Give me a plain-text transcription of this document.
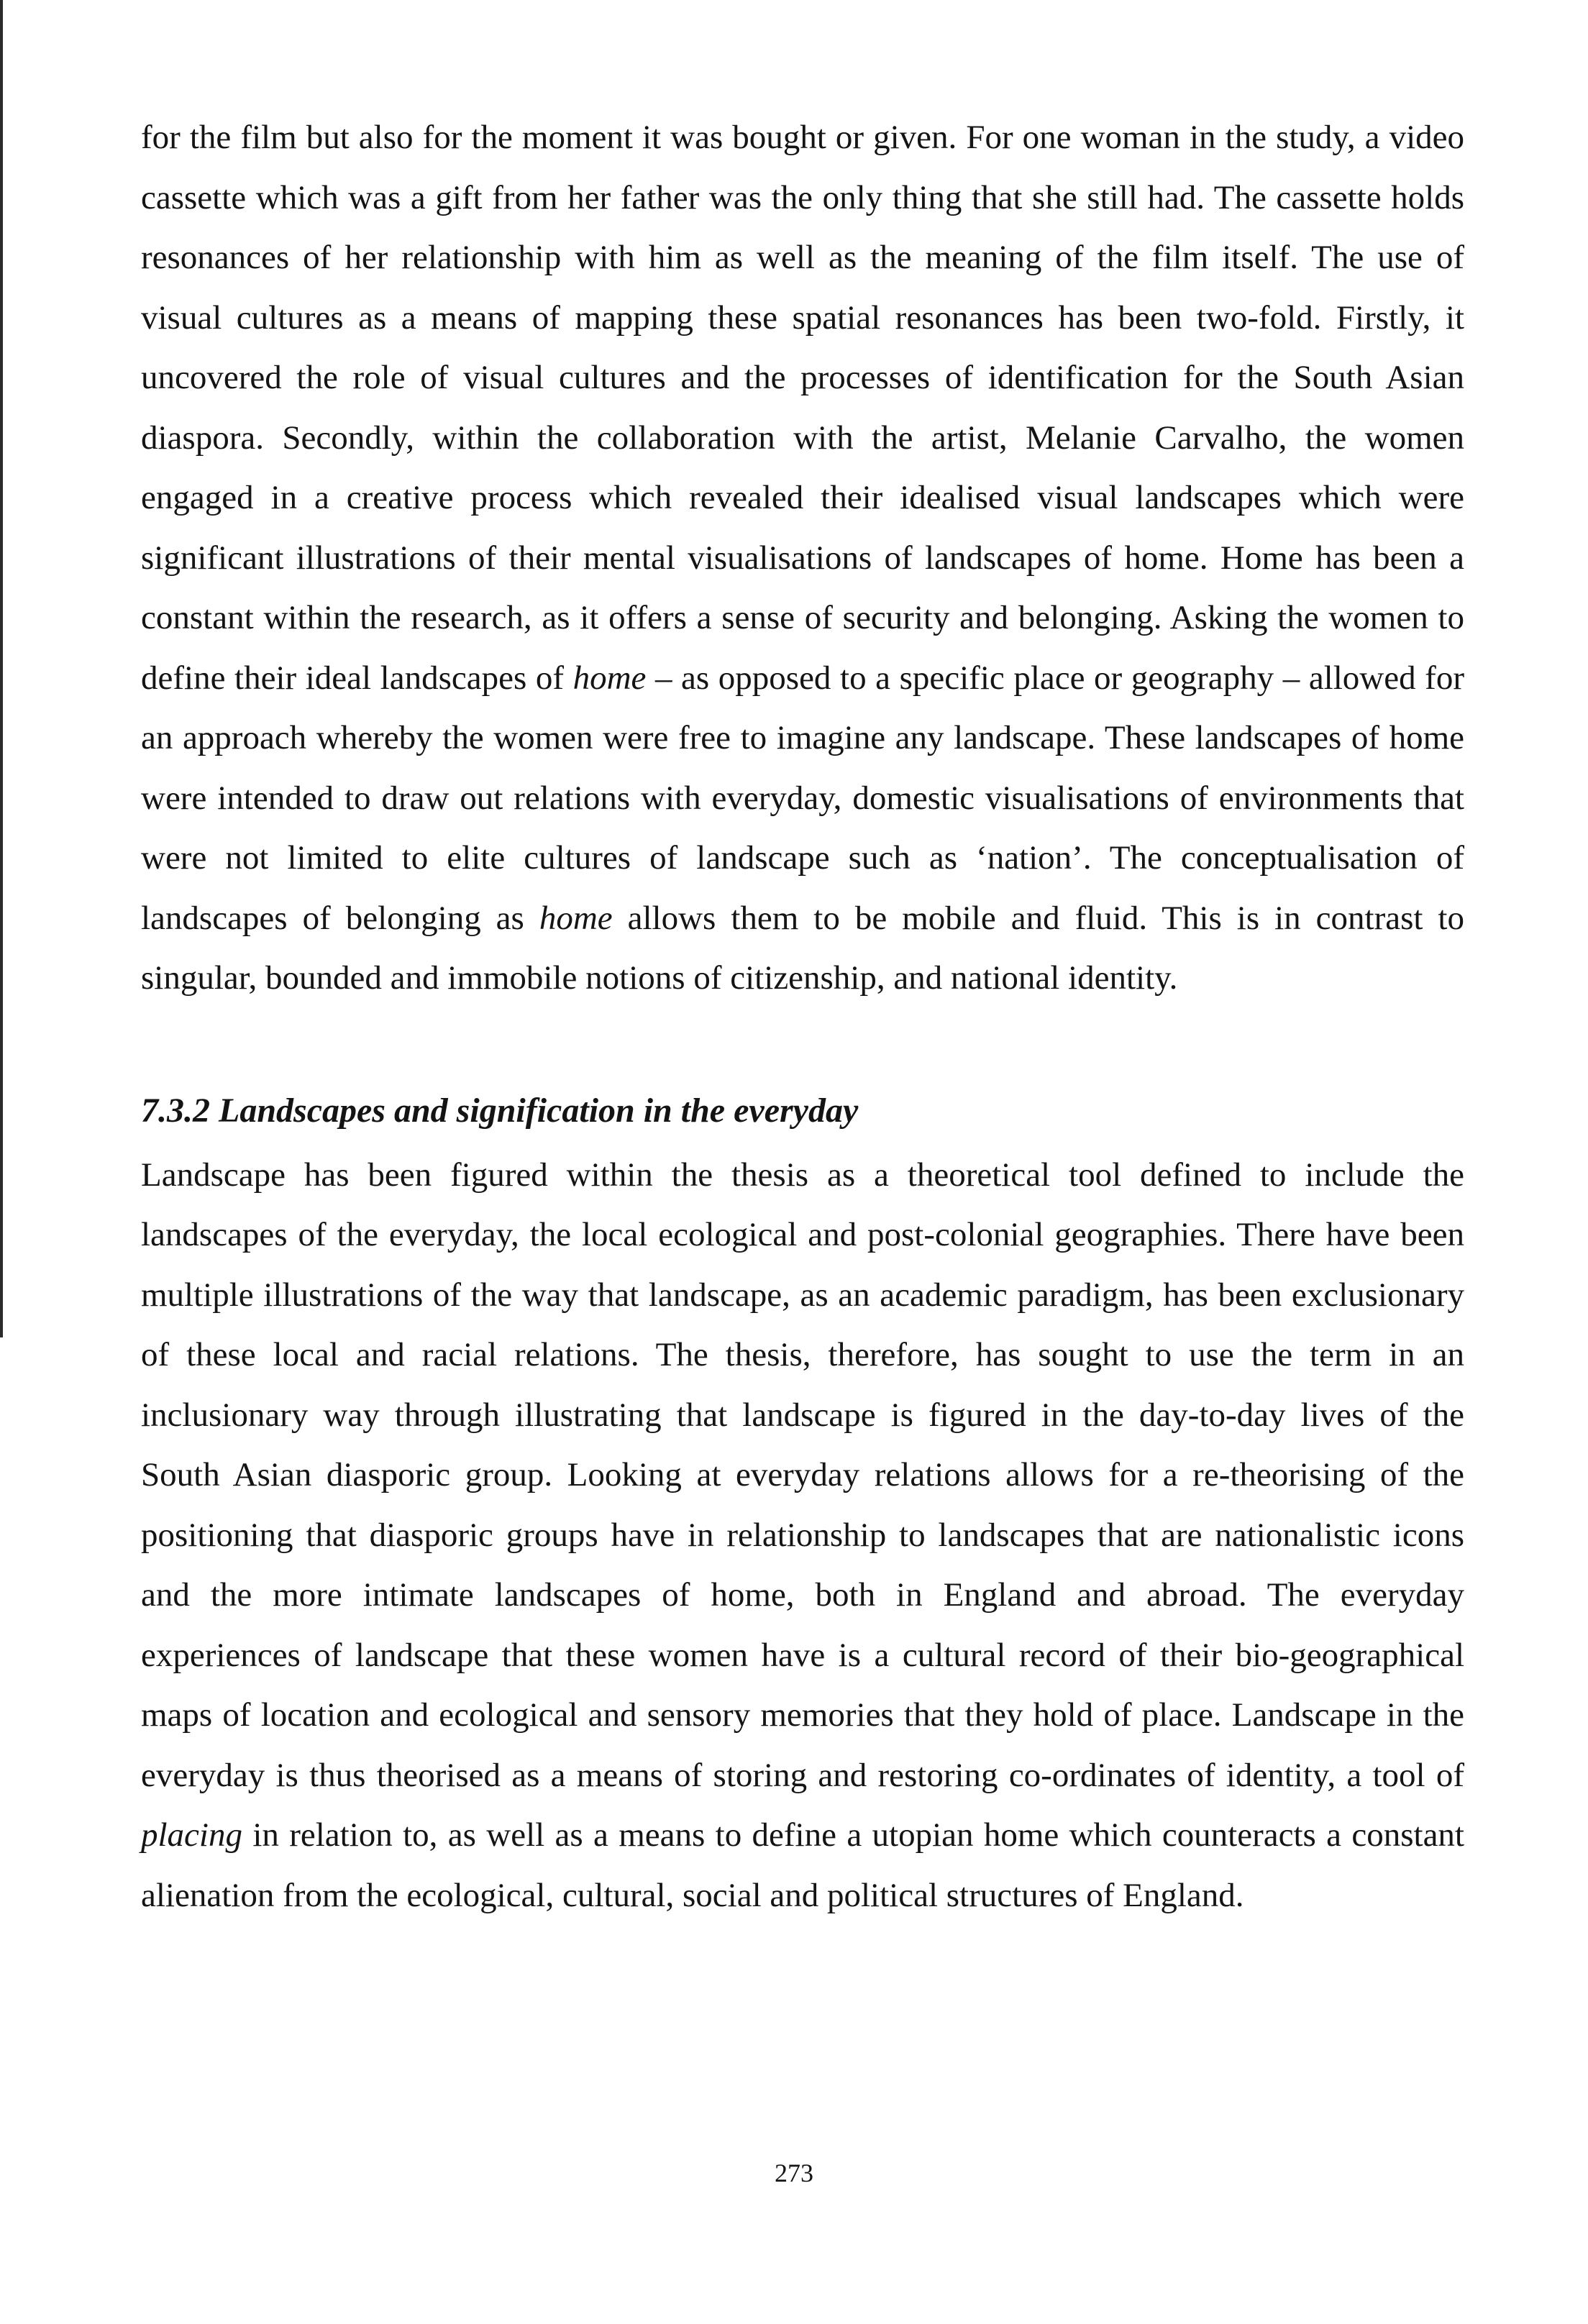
for the film but also for the moment it was bought or given. For one woman in the study, a video cassette which was a gift from her father was the only thing that she still had. The cassette holds resonances of her relationship with him as well as the meaning of the film itself. The use of visual cultures as a means of mapping these spatial resonances has been two-fold. Firstly, it uncovered the role of visual cultures and the processes of identification for the South Asian diaspora. Secondly, within the collaboration with the artist, Melanie Carvalho, the women engaged in a creative process which revealed their idealised visual landscapes which were significant illustrations of their mental visualisations of landscapes of home. Home has been a constant within the research, as it offers a sense of security and belonging. Asking the women to define their ideal landscapes of home – as opposed to a specific place or geography – allowed for an approach whereby the women were free to imagine any landscape. These landscapes of home were intended to draw out relations with everyday, domestic visualisations of environments that were not limited to elite cultures of landscape such as ‘nation’. The conceptualisation of landscapes of belonging as home allows them to be mobile and fluid. This is in contrast to singular, bounded and immobile notions of citizenship, and national identity.

7.3.2 Landscapes and signification in the everyday

Landscape has been figured within the thesis as a theoretical tool defined to include the landscapes of the everyday, the local ecological and post-colonial geographies. There have been multiple illustrations of the way that landscape, as an academic paradigm, has been exclusionary of these local and racial relations. The thesis, therefore, has sought to use the term in an inclusionary way through illustrating that landscape is figured in the day-to-day lives of the South Asian diasporic group. Looking at everyday relations allows for a re-theorising of the positioning that diasporic groups have in relationship to landscapes that are nationalistic icons and the more intimate landscapes of home, both in England and abroad. The everyday experiences of landscape that these women have is a cultural record of their bio-geographical maps of location and ecological and sensory memories that they hold of place. Landscape in the everyday is thus theorised as a means of storing and restoring co-ordinates of identity, a tool of placing in relation to, as well as a means to define a utopian home which counteracts a constant alienation from the ecological, cultural, social and political structures of England.

273
